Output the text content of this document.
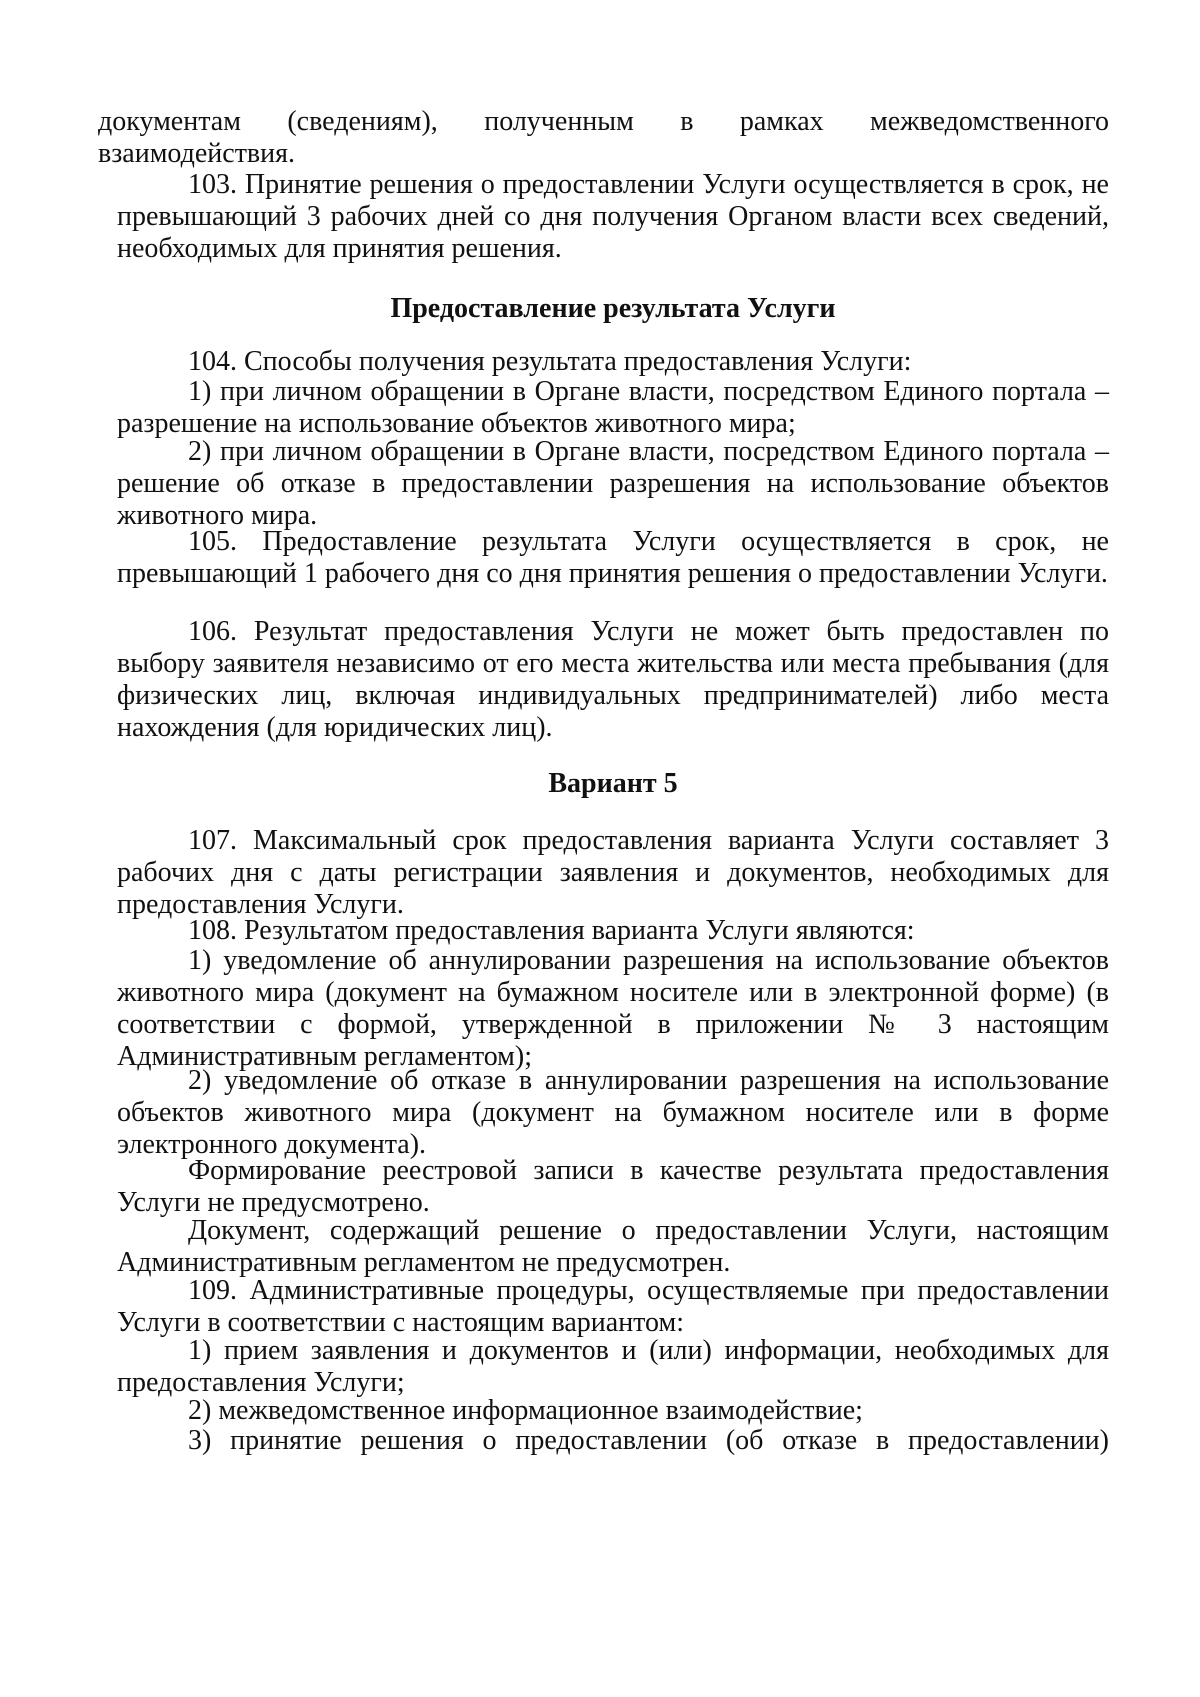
документам (сведениям), полученным в рамках межведомственного взаимодействия.

103. Принятие решения о предоставлении Услуги осуществляется в срок, не превышающий 3 рабочих дней со дня получения Органом власти всех сведений, необходимых для принятия решения.

Предоставление результата Услуги

104. Способы получения результата предоставления Услуги:

1) при личном обращении в Органе власти, посредством Единого портала – разрешение на использование объектов животного мира;

2) при личном обращении в Органе власти, посредством Единого портала – решение об отказе в предоставлении разрешения на использование объектов животного мира.

105. Предоставление результата Услуги осуществляется в срок, не превышающий 1 рабочего дня со дня принятия решения о предоставлении Услуги.

106. Результат предоставления Услуги не может быть предоставлен по выбору заявителя независимо от его места жительства или места пребывания (для физических лиц, включая индивидуальных предпринимателей) либо места нахождения (для юридических лиц).

Вариант 5

107. Максимальный срок предоставления варианта Услуги составляет 3 рабочих дня с даты регистрации заявления и документов, необходимых для предоставления Услуги.

108. Результатом предоставления варианта Услуги являются:

1) уведомление об аннулировании разрешения на использование объектов животного мира (документ на бумажном носителе или в электронной форме) (в соответствии с формой, утвержденной в приложении № 3 настоящим Административным регламентом);

2) уведомление об отказе в аннулировании разрешения на использование объектов животного мира (документ на бумажном носителе или в форме электронного документа).

Формирование реестровой записи в качестве результата предоставления Услуги не предусмотрено.

Документ, содержащий решение о предоставлении Услуги, настоящим Административным регламентом не предусмотрен.

109. Административные процедуры, осуществляемые при предоставлении Услуги в соответствии с настоящим вариантом:

1) прием заявления и документов и (или) информации, необходимых для предоставления Услуги;

2) межведомственное информационное взаимодействие;

3) принятие решения о предоставлении (об отказе в предоставлении)
